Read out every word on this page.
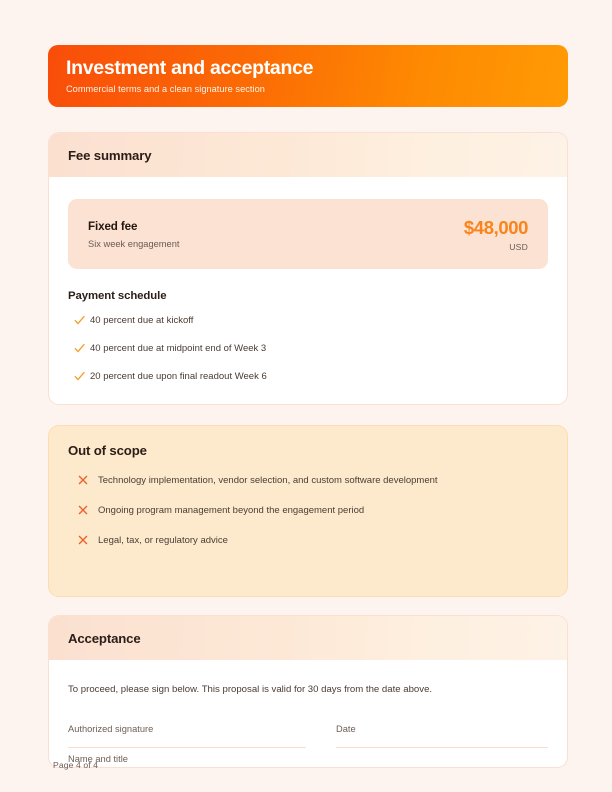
Investment and acceptance
Commercial terms and a clean signature section
Fee summary
Fixed fee
Six week engagement
$48,000
USD
Payment schedule
40 percent due at kickoff
40 percent due at midpoint end of Week 3
20 percent due upon final readout Week 6
Out of scope
Technology implementation, vendor selection, and custom software development
Ongoing program management beyond the engagement period
Legal, tax, or regulatory advice
Acceptance
To proceed, please sign below. This proposal is valid for 30 days from the date above.
Authorized signature
Name and title
Date
Page 4 of 4
